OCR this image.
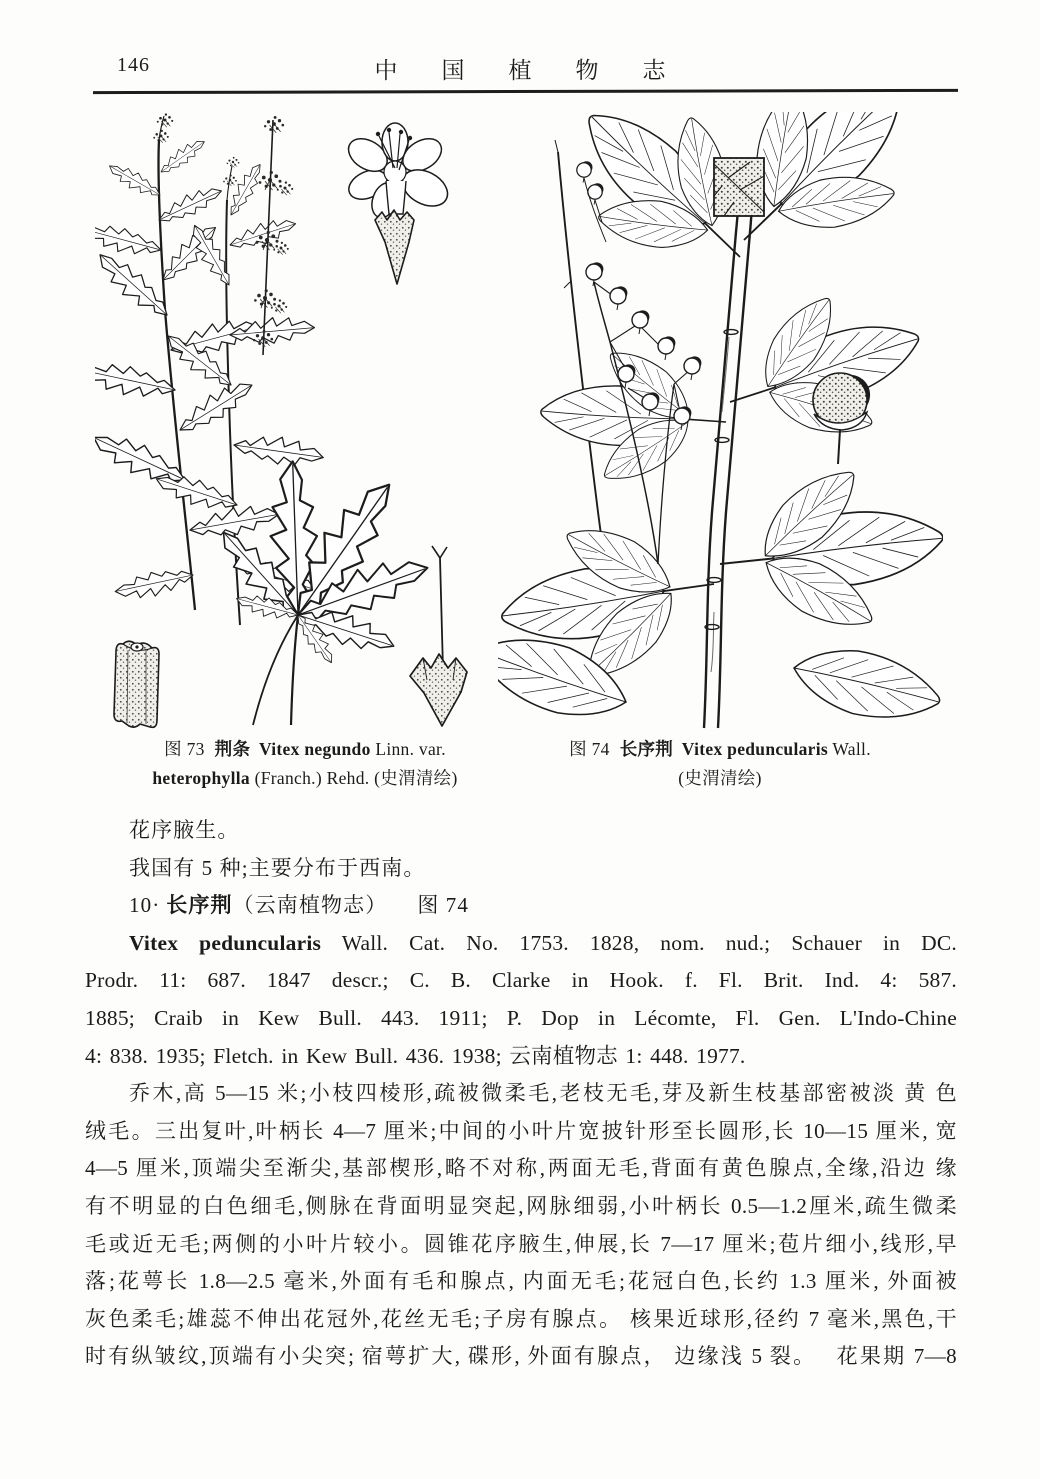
146	中国植物志
图 73 荆条 Vitex negundo Linn. var.
heterophylla (Franch.) Rehd. (史渭清绘)
图 74 长序荆 Vitex peduncularis Wall.
(史渭清绘)
花序腋生。
我国有 5 种;主要分布于西南。
10· 长序荆（云南植物志） 图 74
Vitex peduncularis Wall. Cat. No. 1753. 1828, nom. nud.; Schauer in DC.
Prodr. 11: 687. 1847 descr.; C. B. Clarke in Hook. f. Fl. Brit. Ind. 4: 587.
1885; Craib in Kew Bull. 443. 1911; P. Dop in Lécomte, Fl. Gen. L'Indo-Chine
4: 838. 1935; Fletch. in Kew Bull. 436. 1938; 云南植物志 1: 448. 1977.
乔木,高 5—15 米;小枝四棱形,疏被微柔毛,老枝无毛,芽及新生枝基部密被淡 黄 色
绒毛。三出复叶,叶柄长 4—7 厘米;中间的小叶片宽披针形至长圆形,长 10—15 厘米, 宽
4—5 厘米,顶端尖至渐尖,基部楔形,略不对称,两面无毛,背面有黄色腺点,全缘,沿边 缘
有不明显的白色细毛,侧脉在背面明显突起,网脉细弱,小叶柄长 0.5—1.2厘米,疏生微柔
毛或近无毛;两侧的小叶片较小。圆锥花序腋生,伸展,长 7—17 厘米;苞片细小,线形,早
落;花萼长 1.8—2.5 毫米,外面有毛和腺点, 内面无毛;花冠白色,长约 1.3 厘米, 外面被
灰色柔毛;雄蕊不伸出花冠外,花丝无毛;子房有腺点。 核果近球形,径约 7 毫米,黑色,干
时有纵皱纹,顶端有小尖突; 宿萼扩大, 碟形, 外面有腺点， 边缘浅 5 裂。　 花果期 7—8
